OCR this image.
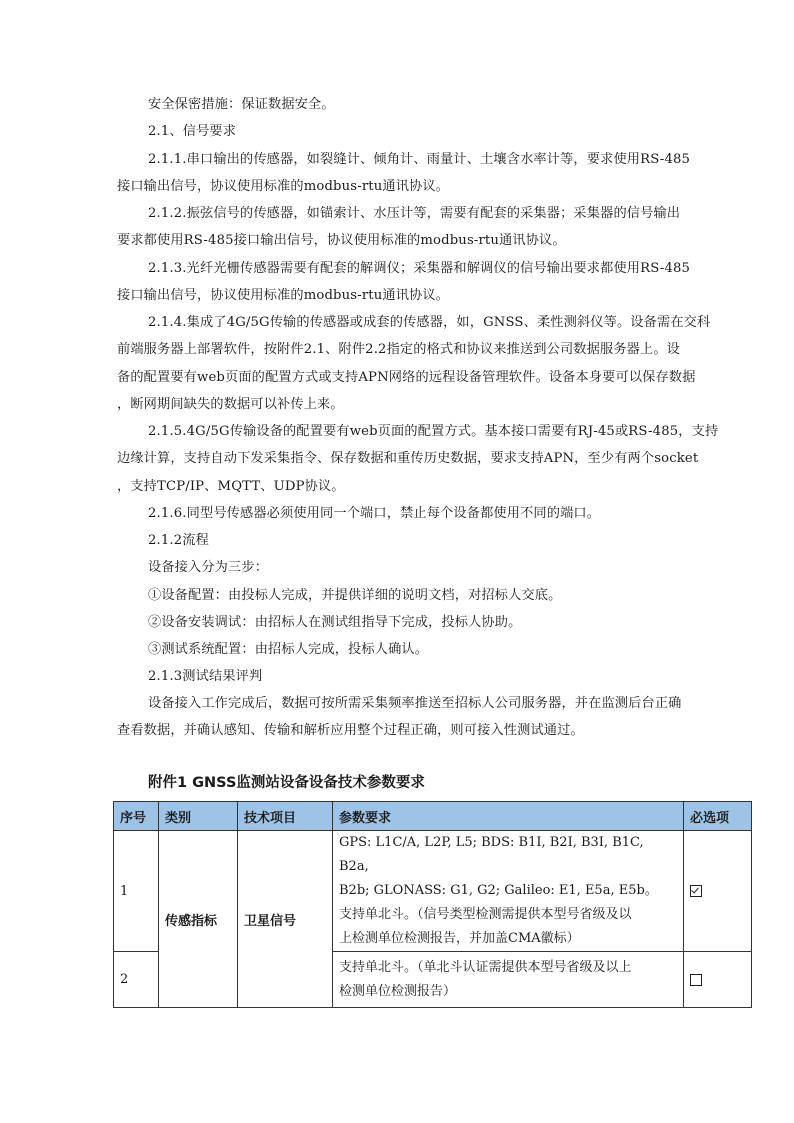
安全保密措施：保证数据安全。
2.1、信号要求
2.1.1.串口输出的传感器，如裂缝计、倾角计、雨量计、土壤含水率计等，要求使用RS-485
接口输出信号，协议使用标准的modbus-rtu通讯协议。
2.1.2.振弦信号的传感器，如锚索计、水压计等，需要有配套的采集器；采集器的信号输出
要求都使用RS-485接口输出信号，协议使用标准的modbus-rtu通讯协议。
2.1.3.光纤光栅传感器需要有配套的解调仪；采集器和解调仪的信号输出要求都使用RS-485
接口输出信号，协议使用标准的modbus-rtu通讯协议。
2.1.4.集成了4G/5G传输的传感器或成套的传感器，如，GNSS、柔性测斜仪等。设备需在交科
前端服务器上部署软件，按附件2.1、附件2.2指定的格式和协议来推送到公司数据服务器上。设
备的配置要有web页面的配置方式或支持APN网络的远程设备管理软件。设备本身要可以保存数据
，断网期间缺失的数据可以补传上来。
2.1.5.4G/5G传输设备的配置要有web页面的配置方式。基本接口需要有RJ-45或RS-485，支持
边缘计算，支持自动下发采集指令、保存数据和重传历史数据，要求支持APN，至少有两个socket
，支持TCP/IP、MQTT、UDP协议。
2.1.6.同型号传感器必须使用同一个端口，禁止每个设备都使用不同的端口。
2.1.2流程
设备接入分为三步：
①设备配置：由投标人完成，并提供详细的说明文档，对招标人交底。
②设备安装调试：由招标人在测试组指导下完成，投标人协助。
③测试系统配置：由招标人完成，投标人确认。
2.1.3测试结果评判
设备接入工作完成后，数据可按所需采集频率推送至招标人公司服务器，并在监测后台正确
查看数据，并确认感知、传输和解析应用整个过程正确，则可接入性测试通过。
附件1 GNSS监测站设备设备技术参数要求
序号	类别	技术项目	参数要求	必选项
1	传感指标	卫星信号	GPS: L1C/A, L2P, L5; BDS: B1I, B2I, B3I, B1C, B2a,
B2b; GLONASS: G1, G2; Galileo: E1, E5a, E5b。
支持单北斗。（信号类型检测需提供本型号省级及以
上检测单位检测报告，并加盖CMA徽标）	

2			支持单北斗。（单北斗认证需提供本型号省级及以上
检测单位检测报告）	
